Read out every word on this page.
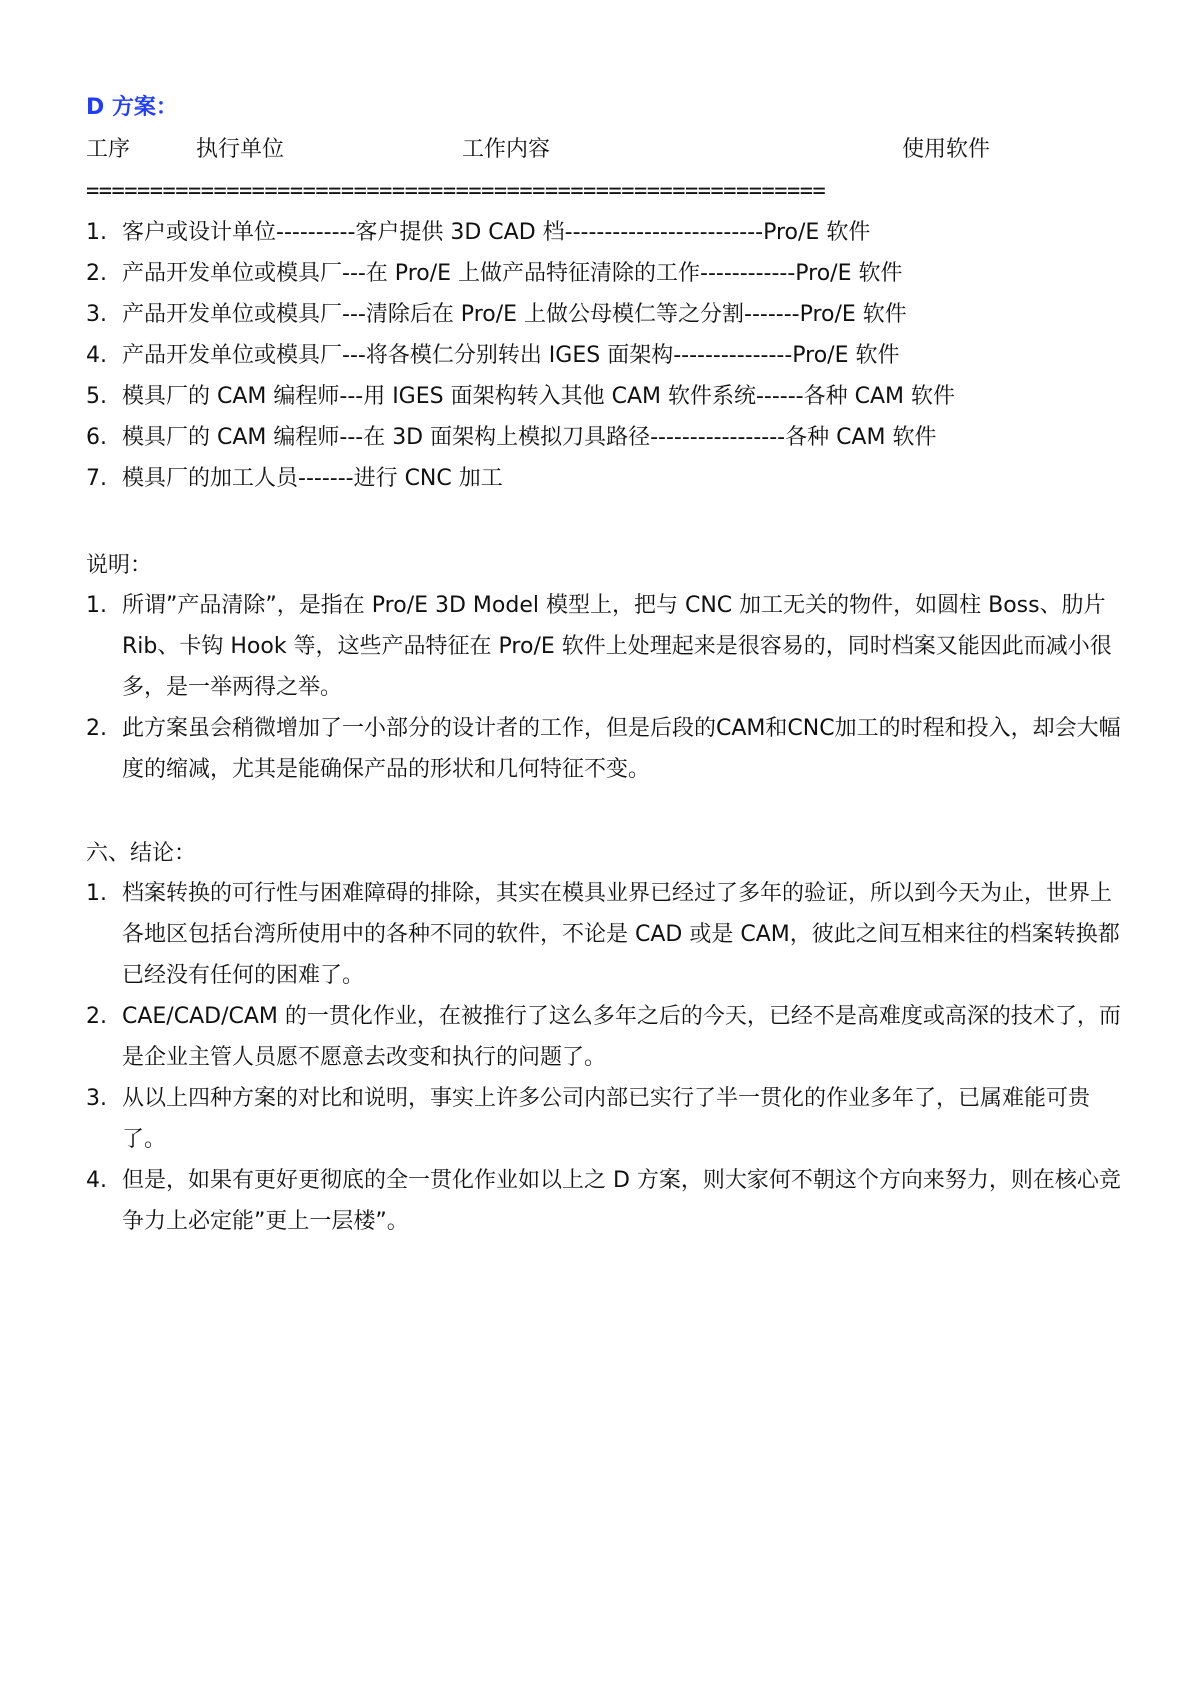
D 方案：
工序	执行单位	工作内容	使用软件
==========================================================
1. 客户或设计单位----------客户提供 3D CAD 档-------------------------Pro/E 软件
2. 产品开发单位或模具厂---在 Pro/E 上做产品特征清除的工作------------Pro/E 软件
3. 产品开发单位或模具厂---清除后在 Pro/E 上做公母模仁等之分割-------Pro/E 软件
4. 产品开发单位或模具厂---将各模仁分别转出 IGES 面架构---------------Pro/E 软件
5. 模具厂的 CAM 编程师---用 IGES 面架构转入其他 CAM 软件系统------各种 CAM 软件
6. 模具厂的 CAM 编程师---在 3D 面架构上模拟刀具路径-----------------各种 CAM 软件
7. 模具厂的加工人员-------进行 CNC 加工
说明：
1. 所谓”产品清除”，是指在 Pro/E 3D Model 模型上，把与 CNC 加工无关的物件，如圆柱 Boss、肋片 Rib、卡钩 Hook 等，这些产品特征在 Pro/E 软件上处理起来是很容易的，同时档案又能因此而减小很多，是一举两得之举。
2. 此方案虽会稍微增加了一小部分的设计者的工作，但是后段的CAM和CNC加工的时程和投入，却会大幅度的缩减，尤其是能确保产品的形状和几何特征不变。
六、结论：
1. 档案转换的可行性与困难障碍的排除，其实在模具业界已经过了多年的验证，所以到今天为止，世界上各地区包括台湾所使用中的各种不同的软件，不论是 CAD 或是 CAM，彼此之间互相来往的档案转换都已经没有任何的困难了。
2. CAE/CAD/CAM 的一贯化作业，在被推行了这么多年之后的今天，已经不是高难度或高深的技术了，而是企业主管人员愿不愿意去改变和执行的问题了。
3. 从以上四种方案的对比和说明，事实上许多公司内部已实行了半一贯化的作业多年了，已属难能可贵了。
4. 但是，如果有更好更彻底的全一贯化作业如以上之 D 方案，则大家何不朝这个方向来努力，则在核心竞争力上必定能”更上一层楼”。
